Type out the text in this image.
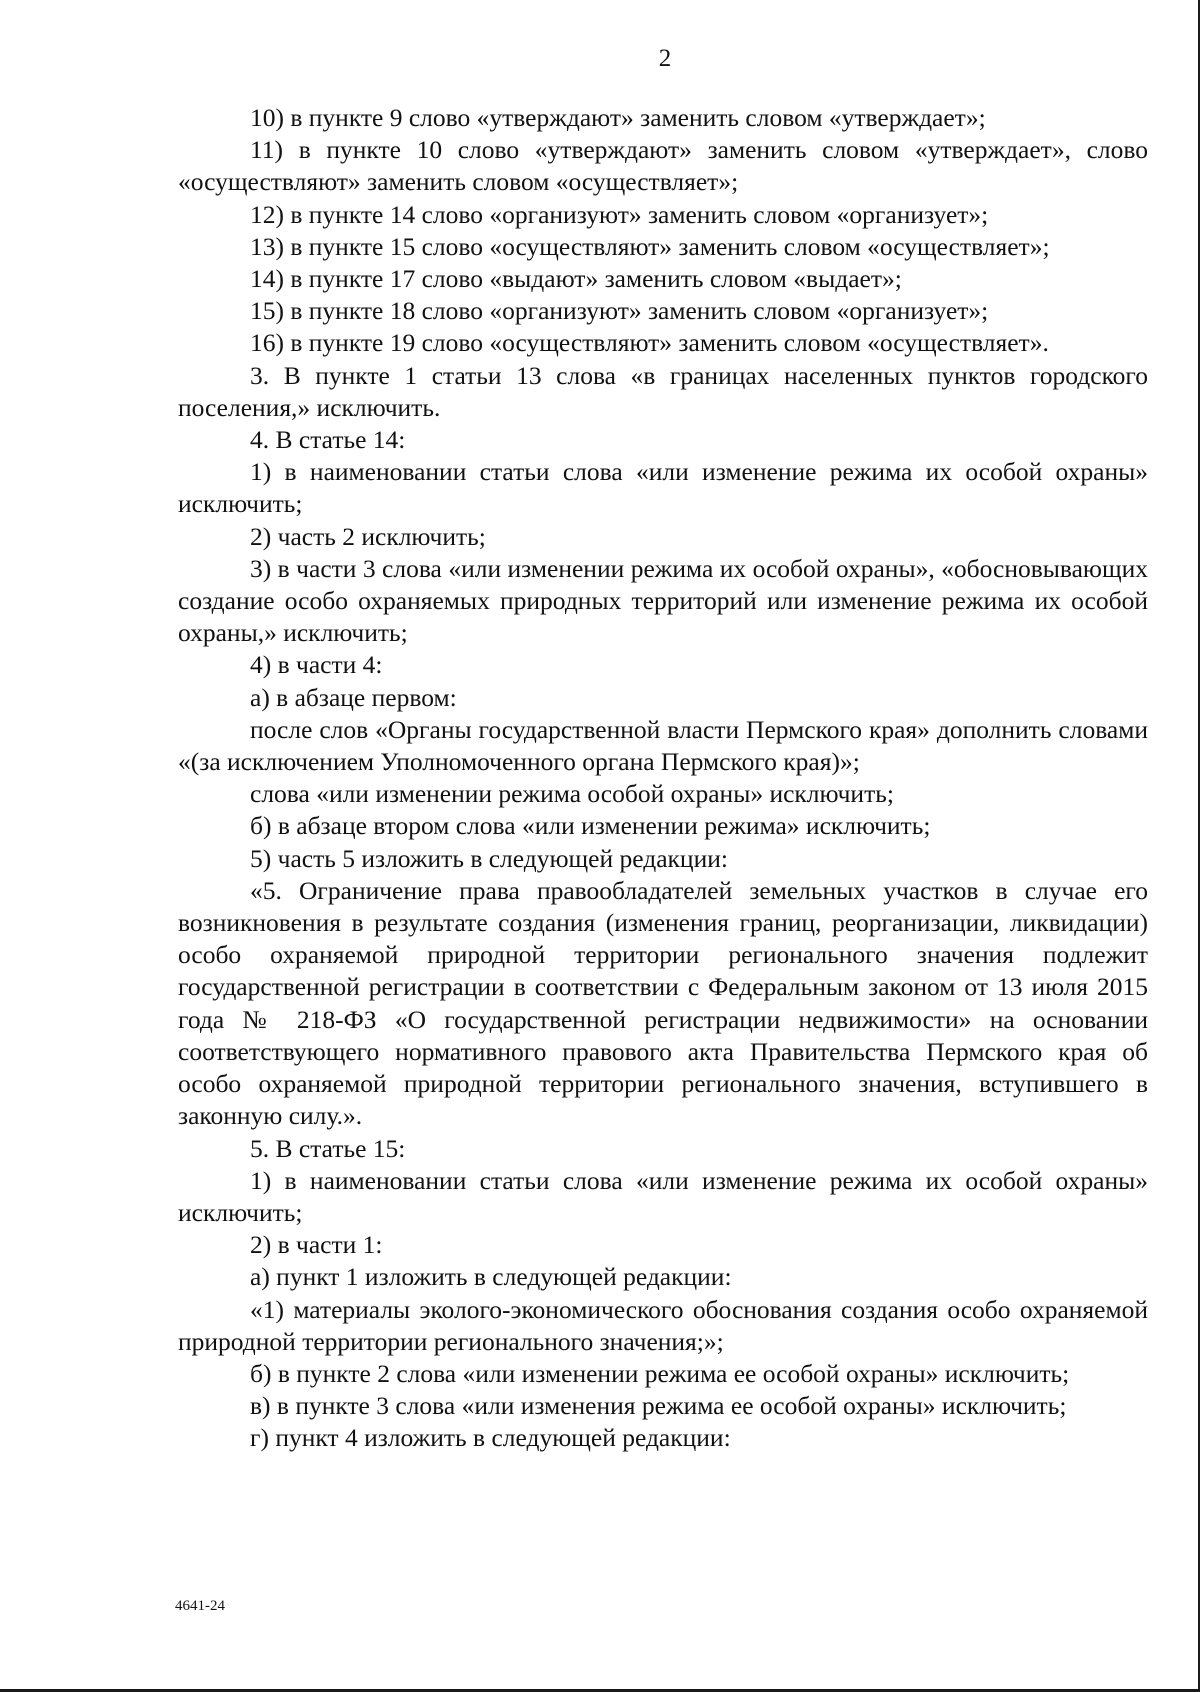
2

10) в пункте 9 слово «утверждают» заменить словом «утверждает»;

11) в пункте 10 слово «утверждают» заменить словом «утверждает», слово «осуществляют» заменить словом «осуществляет»;

12) в пункте 14 слово «организуют» заменить словом «организует»;

13) в пункте 15 слово «осуществляют» заменить словом «осуществляет»;

14) в пункте 17 слово «выдают» заменить словом «выдает»;

15) в пункте 18 слово «организуют» заменить словом «организует»;

16) в пункте 19 слово «осуществляют» заменить словом «осуществляет».

3. В пункте 1 статьи 13 слова «в границах населенных пунктов городского поселения,» исключить.

4. В статье 14:

1) в наименовании статьи слова «или изменение режима их особой охраны» исключить;

2) часть 2 исключить;

3) в части 3 слова «или изменении режима их особой охраны», «обосновывающих создание особо охраняемых природных территорий или изменение режима их особой охраны,» исключить;

4) в части 4:

а) в абзаце первом:

после слов «Органы государственной власти Пермского края» дополнить словами «(за исключением Уполномоченного органа Пермского края)»;

слова «или изменении режима особой охраны» исключить;

б) в абзаце втором слова «или изменении режима» исключить;

5) часть 5 изложить в следующей редакции:

«5. Ограничение права правообладателей земельных участков в случае его возникновения в результате создания (изменения границ, реорганизации, ликвидации) особо охраняемой природной территории регионального значения подлежит государственной регистрации в соответствии с Федеральным законом от 13 июля 2015 года № 218-ФЗ «О государственной регистрации недвижимости» на основании соответствующего нормативного правового акта Правительства Пермского края об особо охраняемой природной территории регионального значения, вступившего в законную силу.».

5. В статье 15:

1) в наименовании статьи слова «или изменение режима их особой охраны» исключить;

2) в части 1:

а) пункт 1 изложить в следующей редакции:

«1) материалы эколого-экономического обоснования создания особо охраняемой природной территории регионального значения;»;

б) в пункте 2 слова «или изменении режима ее особой охраны» исключить;

в) в пункте 3 слова «или изменения режима ее особой охраны» исключить;

г) пункт 4 изложить в следующей редакции:

4641-24
